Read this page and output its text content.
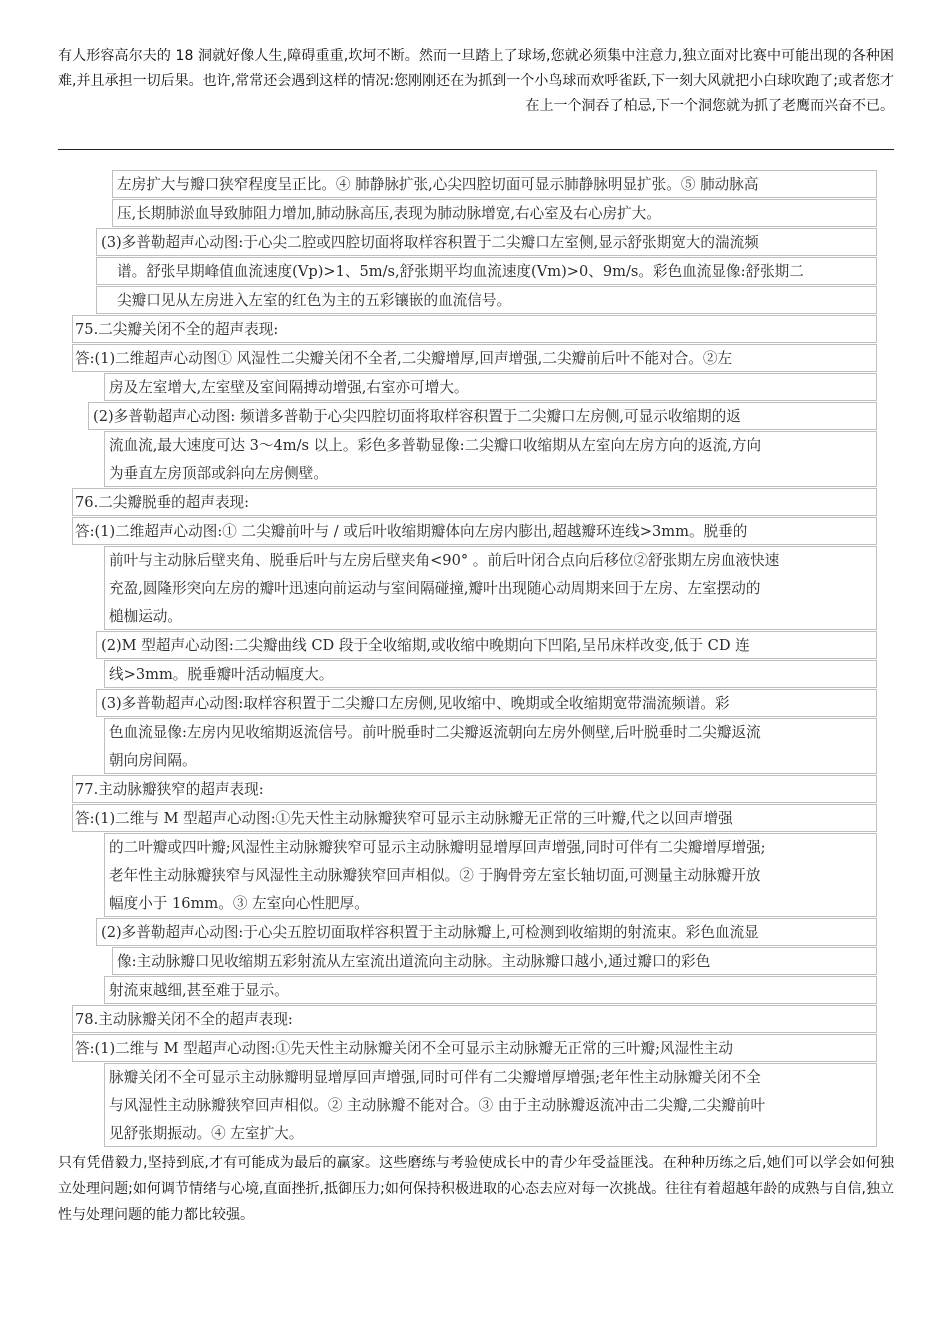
有人形容高尔夫的 18 洞就好像人生,障碍重重,坎坷不断。然而一旦踏上了球场,您就必须集中注意力,独立面对比赛中可能出现的各种困难,并且承担一切后果。也许,常常还会遇到这样的情况:您刚刚还在为抓到一个小鸟球而欢呼雀跃,下一刻大风就把小白球吹跑了;或者您才在上一个洞吞了柏忌,下一个洞您就为抓了老鹰而兴奋不已。
左房扩大与瓣口狭窄程度呈正比。④ 肺静脉扩张,心尖四腔切面可显示肺静脉明显扩张。⑤ 肺动脉高
压,长期肺淤血导致肺阻力增加,肺动脉高压,表现为肺动脉增宽,右心室及右心房扩大。
(3)多普勒超声心动图:于心尖二腔或四腔切面将取样容积置于二尖瓣口左室侧,显示舒张期宽大的湍流频
谱。舒张早期峰值血流速度(Vp)>1、5m/s,舒张期平均血流速度(Vm)>0、9m/s。彩色血流显像:舒张期二
尖瓣口见从左房进入左室的红色为主的五彩镶嵌的血流信号。
75.二尖瓣关闭不全的超声表现:
答:(1)二维超声心动图① 风湿性二尖瓣关闭不全者,二尖瓣增厚,回声增强,二尖瓣前后叶不能对合。②左
房及左室增大,左室壁及室间隔搏动增强,右室亦可增大。
(2)多普勒超声心动图: 频谱多普勒于心尖四腔切面将取样容积置于二尖瓣口左房侧,可显示收缩期的返
流血流,最大速度可达 3～4m/s 以上。彩色多普勒显像:二尖瓣口收缩期从左室向左房方向的返流,方向
为垂直左房顶部或斜向左房侧壁。
76.二尖瓣脱垂的超声表现:
答:(1)二维超声心动图:① 二尖瓣前叶与 / 或后叶收缩期瓣体向左房内膨出,超越瓣环连线>3mm。脱垂的
前叶与主动脉后壁夹角、脱垂后叶与左房后壁夹角<90° 。前后叶闭合点向后移位②舒张期左房血液快速
充盈,圆隆形突向左房的瓣叶迅速向前运动与室间隔碰撞,瓣叶出现随心动周期来回于左房、左室摆动的
槌枷运动。
(2)M 型超声心动图:二尖瓣曲线 CD 段于全收缩期,或收缩中晚期向下凹陷,呈吊床样改变,低于 CD 连
线>3mm。脱垂瓣叶活动幅度大。
(3)多普勒超声心动图:取样容积置于二尖瓣口左房侧,见收缩中、晚期或全收缩期宽带湍流频谱。彩
色血流显像:左房内见收缩期返流信号。前叶脱垂时二尖瓣返流朝向左房外侧壁,后叶脱垂时二尖瓣返流
朝向房间隔。
77.主动脉瓣狭窄的超声表现:
答:(1)二维与 M 型超声心动图:①先天性主动脉瓣狭窄可显示主动脉瓣无正常的三叶瓣,代之以回声增强
的二叶瓣或四叶瓣;风湿性主动脉瓣狭窄可显示主动脉瓣明显增厚回声增强,同时可伴有二尖瓣增厚增强;
老年性主动脉瓣狭窄与风湿性主动脉瓣狭窄回声相似。② 于胸骨旁左室长轴切面,可测量主动脉瓣开放
幅度小于 16mm。③ 左室向心性肥厚。
(2)多普勒超声心动图:于心尖五腔切面取样容积置于主动脉瓣上,可检测到收缩期的射流束。彩色血流显
像:主动脉瓣口见收缩期五彩射流从左室流出道流向主动脉。主动脉瓣口越小,通过瓣口的彩色
射流束越细,甚至难于显示。
78.主动脉瓣关闭不全的超声表现:
答:(1)二维与 M 型超声心动图:①先天性主动脉瓣关闭不全可显示主动脉瓣无正常的三叶瓣;风湿性主动
脉瓣关闭不全可显示主动脉瓣明显增厚回声增强,同时可伴有二尖瓣增厚增强;老年性主动脉瓣关闭不全
与风湿性主动脉瓣狭窄回声相似。② 主动脉瓣不能对合。③ 由于主动脉瓣返流冲击二尖瓣,二尖瓣前叶
见舒张期振动。④ 左室扩大。
只有凭借毅力,坚持到底,才有可能成为最后的赢家。这些磨练与考验使成长中的青少年受益匪浅。在种种历练之后,她们可以学会如何独立处理问题;如何调节情绪与心境,直面挫折,抵御压力;如何保持积极进取的心态去应对每一次挑战。往往有着超越年龄的成熟与自信,独立性与处理问题的能力都比较强。
